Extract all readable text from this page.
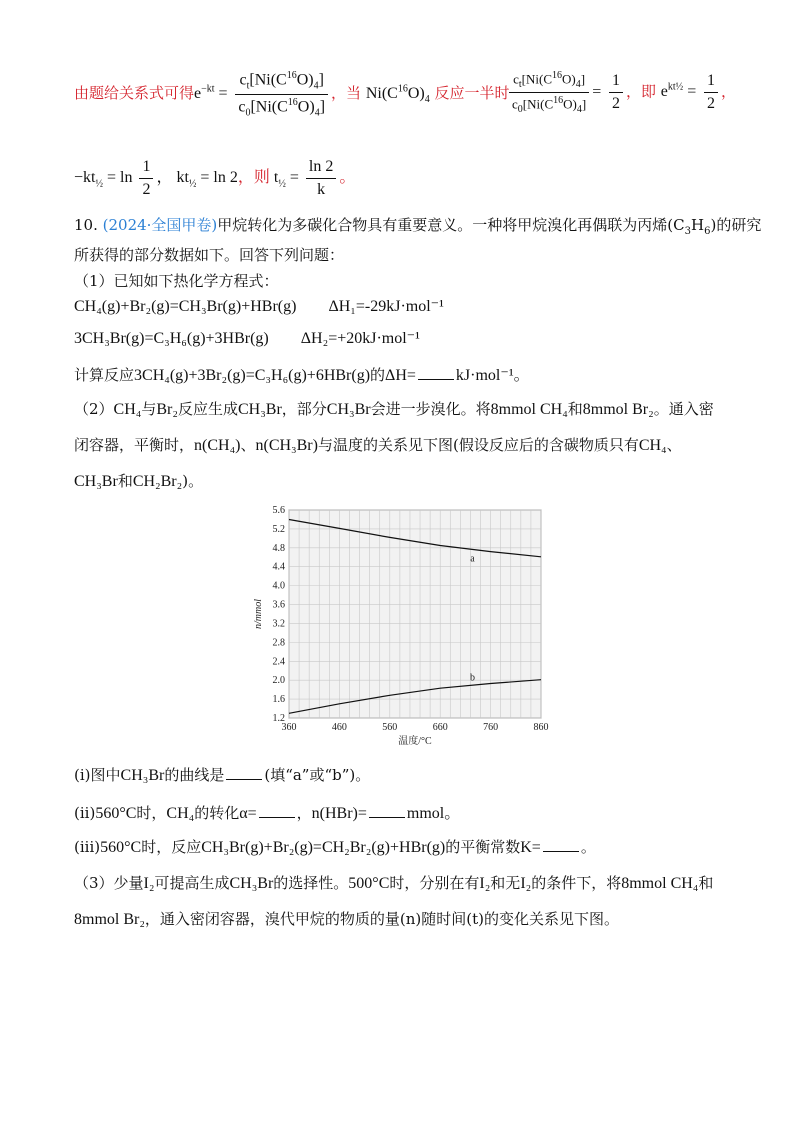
由题给关系式可得$e^{-kt} = \frac{c_t[Ni(C^{16}O)_4]}{c_0[Ni(C^{16}O)_4]}$ ，当 $Ni(C^{16}O)_4$ 反应一半时 $\frac{c_t[Ni(C^{16}O)_4]}{c_0[Ni(C^{16}O)_4]} = \frac{1}{2}$ ，即 $e^{kt\frac{1}{2}} = \frac{1}{2}$ ，
$-kt_{\frac{1}{2}} = \ln \frac{1}{2}$ ， $kt_{\frac{1}{2}} = \ln 2$，则 $t_{\frac{1}{2}} = \frac{\ln 2}{k}$ 。
10. (2024·全国甲卷)甲烷转化为多碳化合物具有重要意义。一种将甲烷溴化再偶联为丙烯$(C_3H_6)$的研究
所获得的部分数据如下。回答下列问题：
（1）已知如下热化学方程式：
CH₄(g)+Br₂(g)=CH₃Br(g)+HBr(g) ΔH₁=-29kJ·mol⁻¹
3CH₃Br(g)=C₃H₆(g)+3HBr(g) ΔH₂=+20kJ·mol⁻¹
计算反应3CH₄(g)+3Br₂(g)=C₃H₆(g)+6HBr(g)的ΔH=	kJ·mol⁻¹。
（2）CH₄与Br₂反应生成CH₃Br，部分CH₃Br会进一步溴化。将8mmol CH₄和8mmol Br₂。通入密
闭容器，平衡时，n(CH₄)、n(CH₃Br)与温度的关系见下图(假设反应后的含碳物质只有CH₄、
CH₃Br和CH₂Br₂)。
5.6
5.2
4.8
4.4
4.0
3.6
3.2
2.8
2.4
2.0
1.6
1.2
360	460	560	660	760	860
a
b
温度/°C
n/mmol
(i)图中CH₃Br的曲线是	(填“a”或“b”)。
(ii)560°C时，CH₄的转化α=	，n(HBr)=	mmol。
(iii)560°C时，反应CH₃Br(g)+Br₂(g)=CH₂Br₂(g)+HBr(g)的平衡常数K=	。
（3）少量I₂可提高生成CH₃Br的选择性。500°C时，分别在有I₂和无I₂的条件下，将8mmol CH₄和
8mmol Br₂，通入密闭容器，溴代甲烷的物质的量(n)随时间(t)的变化关系见下图。
